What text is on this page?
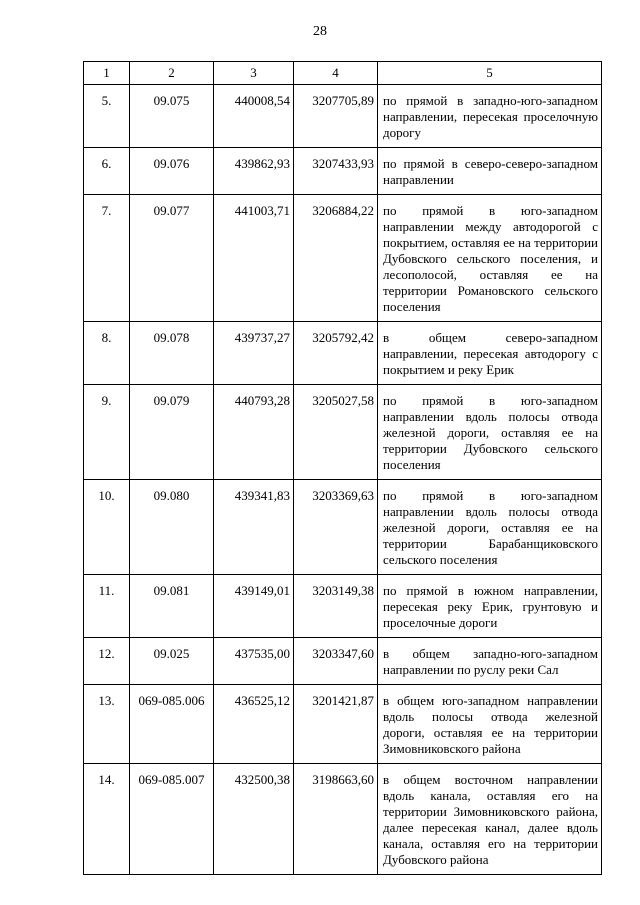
28
1	2	3	4	5
5.	09.075	440008,54	3207705,89	по прямой в западно-юго-западном направлении, пересекая проселочную дорогу
6.	09.076	439862,93	3207433,93	по прямой в северо-северо-западном направлении
7.	09.077	441003,71	3206884,22	по прямой в юго-западном направлении между автодорогой с покрытием, оставляя ее на территории Дубовского сельского поселения, и лесополосой, оставляя ее на территории Романовского сельского поселения
8.	09.078	439737,27	3205792,42	в общем северо-западном направлении, пересекая автодорогу с покрытием и реку Ерик
9.	09.079	440793,28	3205027,58	по прямой в юго-западном направлении вдоль полосы отвода железной дороги, оставляя ее на территории Дубовского сельского поселения
10.	09.080	439341,83	3203369,63	по прямой в юго-западном направлении вдоль полосы отвода железной дороги, оставляя ее на территории Барабанщиковского сельского поселения
11.	09.081	439149,01	3203149,38	по прямой в южном направлении, пересекая реку Ерик, грунтовую и проселочные дороги
12.	09.025	437535,00	3203347,60	в общем западно-юго-западном направлении по руслу реки Сал
13.	069-085.006	436525,12	3201421,87	в общем юго-западном направлении вдоль полосы отвода железной дороги, оставляя ее на территории Зимовниковского района
14.	069-085.007	432500,38	3198663,60	в общем восточном направлении вдоль канала, оставляя его на территории Зимовниковского района, далее пересекая канал, далее вдоль канала, оставляя его на территории Дубовского района
